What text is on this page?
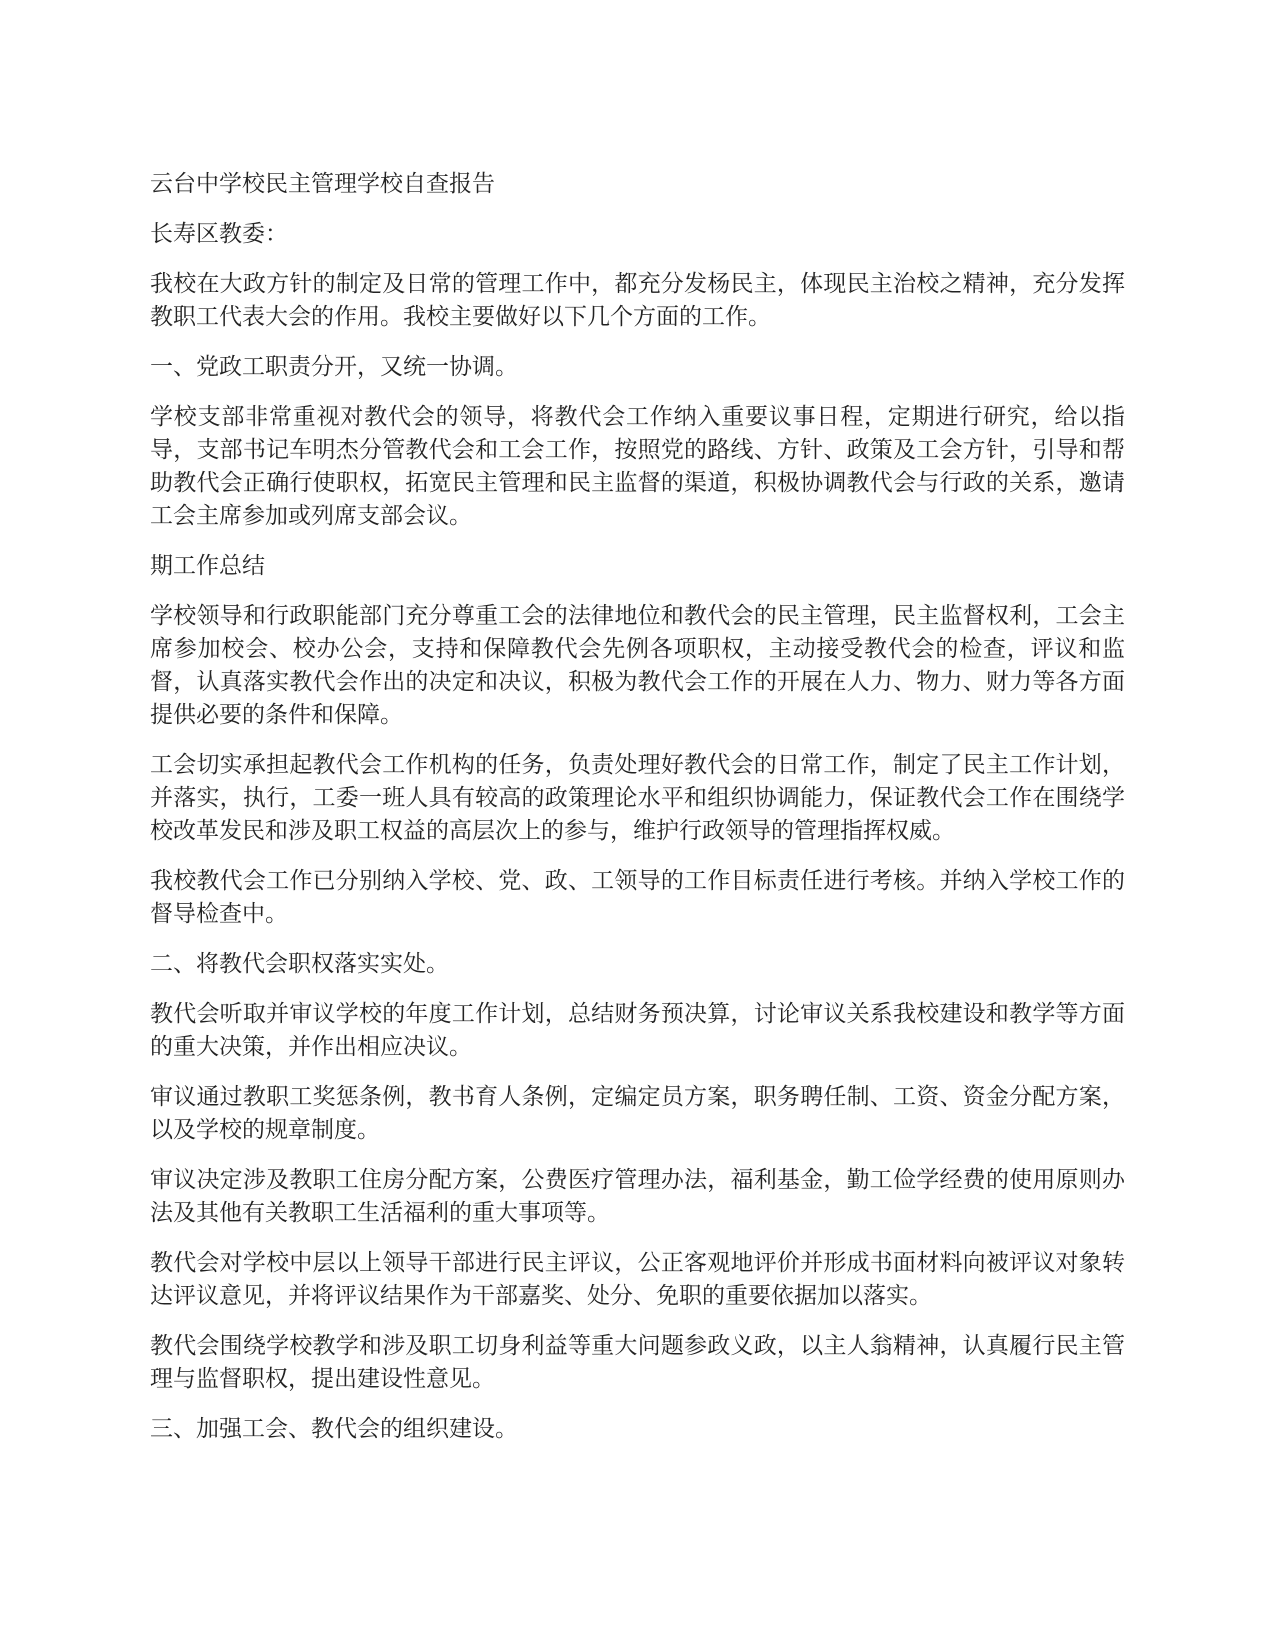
云台中学校民主管理学校自查报告

长寿区教委：

我校在大政方针的制定及日常的管理工作中，都充分发杨民主，体现民主治校之精神，充分发挥教职工代表大会的作用。我校主要做好以下几个方面的工作。

一、党政工职责分开，又统一协调。

学校支部非常重视对教代会的领导，将教代会工作纳入重要议事日程，定期进行研究，给以指导，支部书记车明杰分管教代会和工会工作，按照党的路线、方针、政策及工会方针，引导和帮助教代会正确行使职权，拓宽民主管理和民主监督的渠道，积极协调教代会与行政的关系，邀请工会主席参加或列席支部会议。

期工作总结

学校领导和行政职能部门充分尊重工会的法律地位和教代会的民主管理，民主监督权利，工会主席参加校会、校办公会，支持和保障教代会先例各项职权，主动接受教代会的检查，评议和监督，认真落实教代会作出的决定和决议，积极为教代会工作的开展在人力、物力、财力等各方面提供必要的条件和保障。

工会切实承担起教代会工作机构的任务，负责处理好教代会的日常工作，制定了民主工作计划，并落实，执行，工委一班人具有较高的政策理论水平和组织协调能力，保证教代会工作在围绕学校改革发民和涉及职工权益的高层次上的参与，维护行政领导的管理指挥权威。

我校教代会工作已分别纳入学校、党、政、工领导的工作目标责任进行考核。并纳入学校工作的督导检查中。

二、将教代会职权落实实处。

教代会听取并审议学校的年度工作计划，总结财务预决算，讨论审议关系我校建设和教学等方面的重大决策，并作出相应决议。

审议通过教职工奖惩条例，教书育人条例，定编定员方案，职务聘任制、工资、资金分配方案，以及学校的规章制度。

审议决定涉及教职工住房分配方案，公费医疗管理办法，福利基金，勤工俭学经费的使用原则办法及其他有关教职工生活福利的重大事项等。

教代会对学校中层以上领导干部进行民主评议，公正客观地评价并形成书面材料向被评议对象转达评议意见，并将评议结果作为干部嘉奖、处分、免职的重要依据加以落实。

教代会围绕学校教学和涉及职工切身利益等重大问题参政义政，以主人翁精神，认真履行民主管理与监督职权，提出建设性意见。

三、加强工会、教代会的组织建设。
